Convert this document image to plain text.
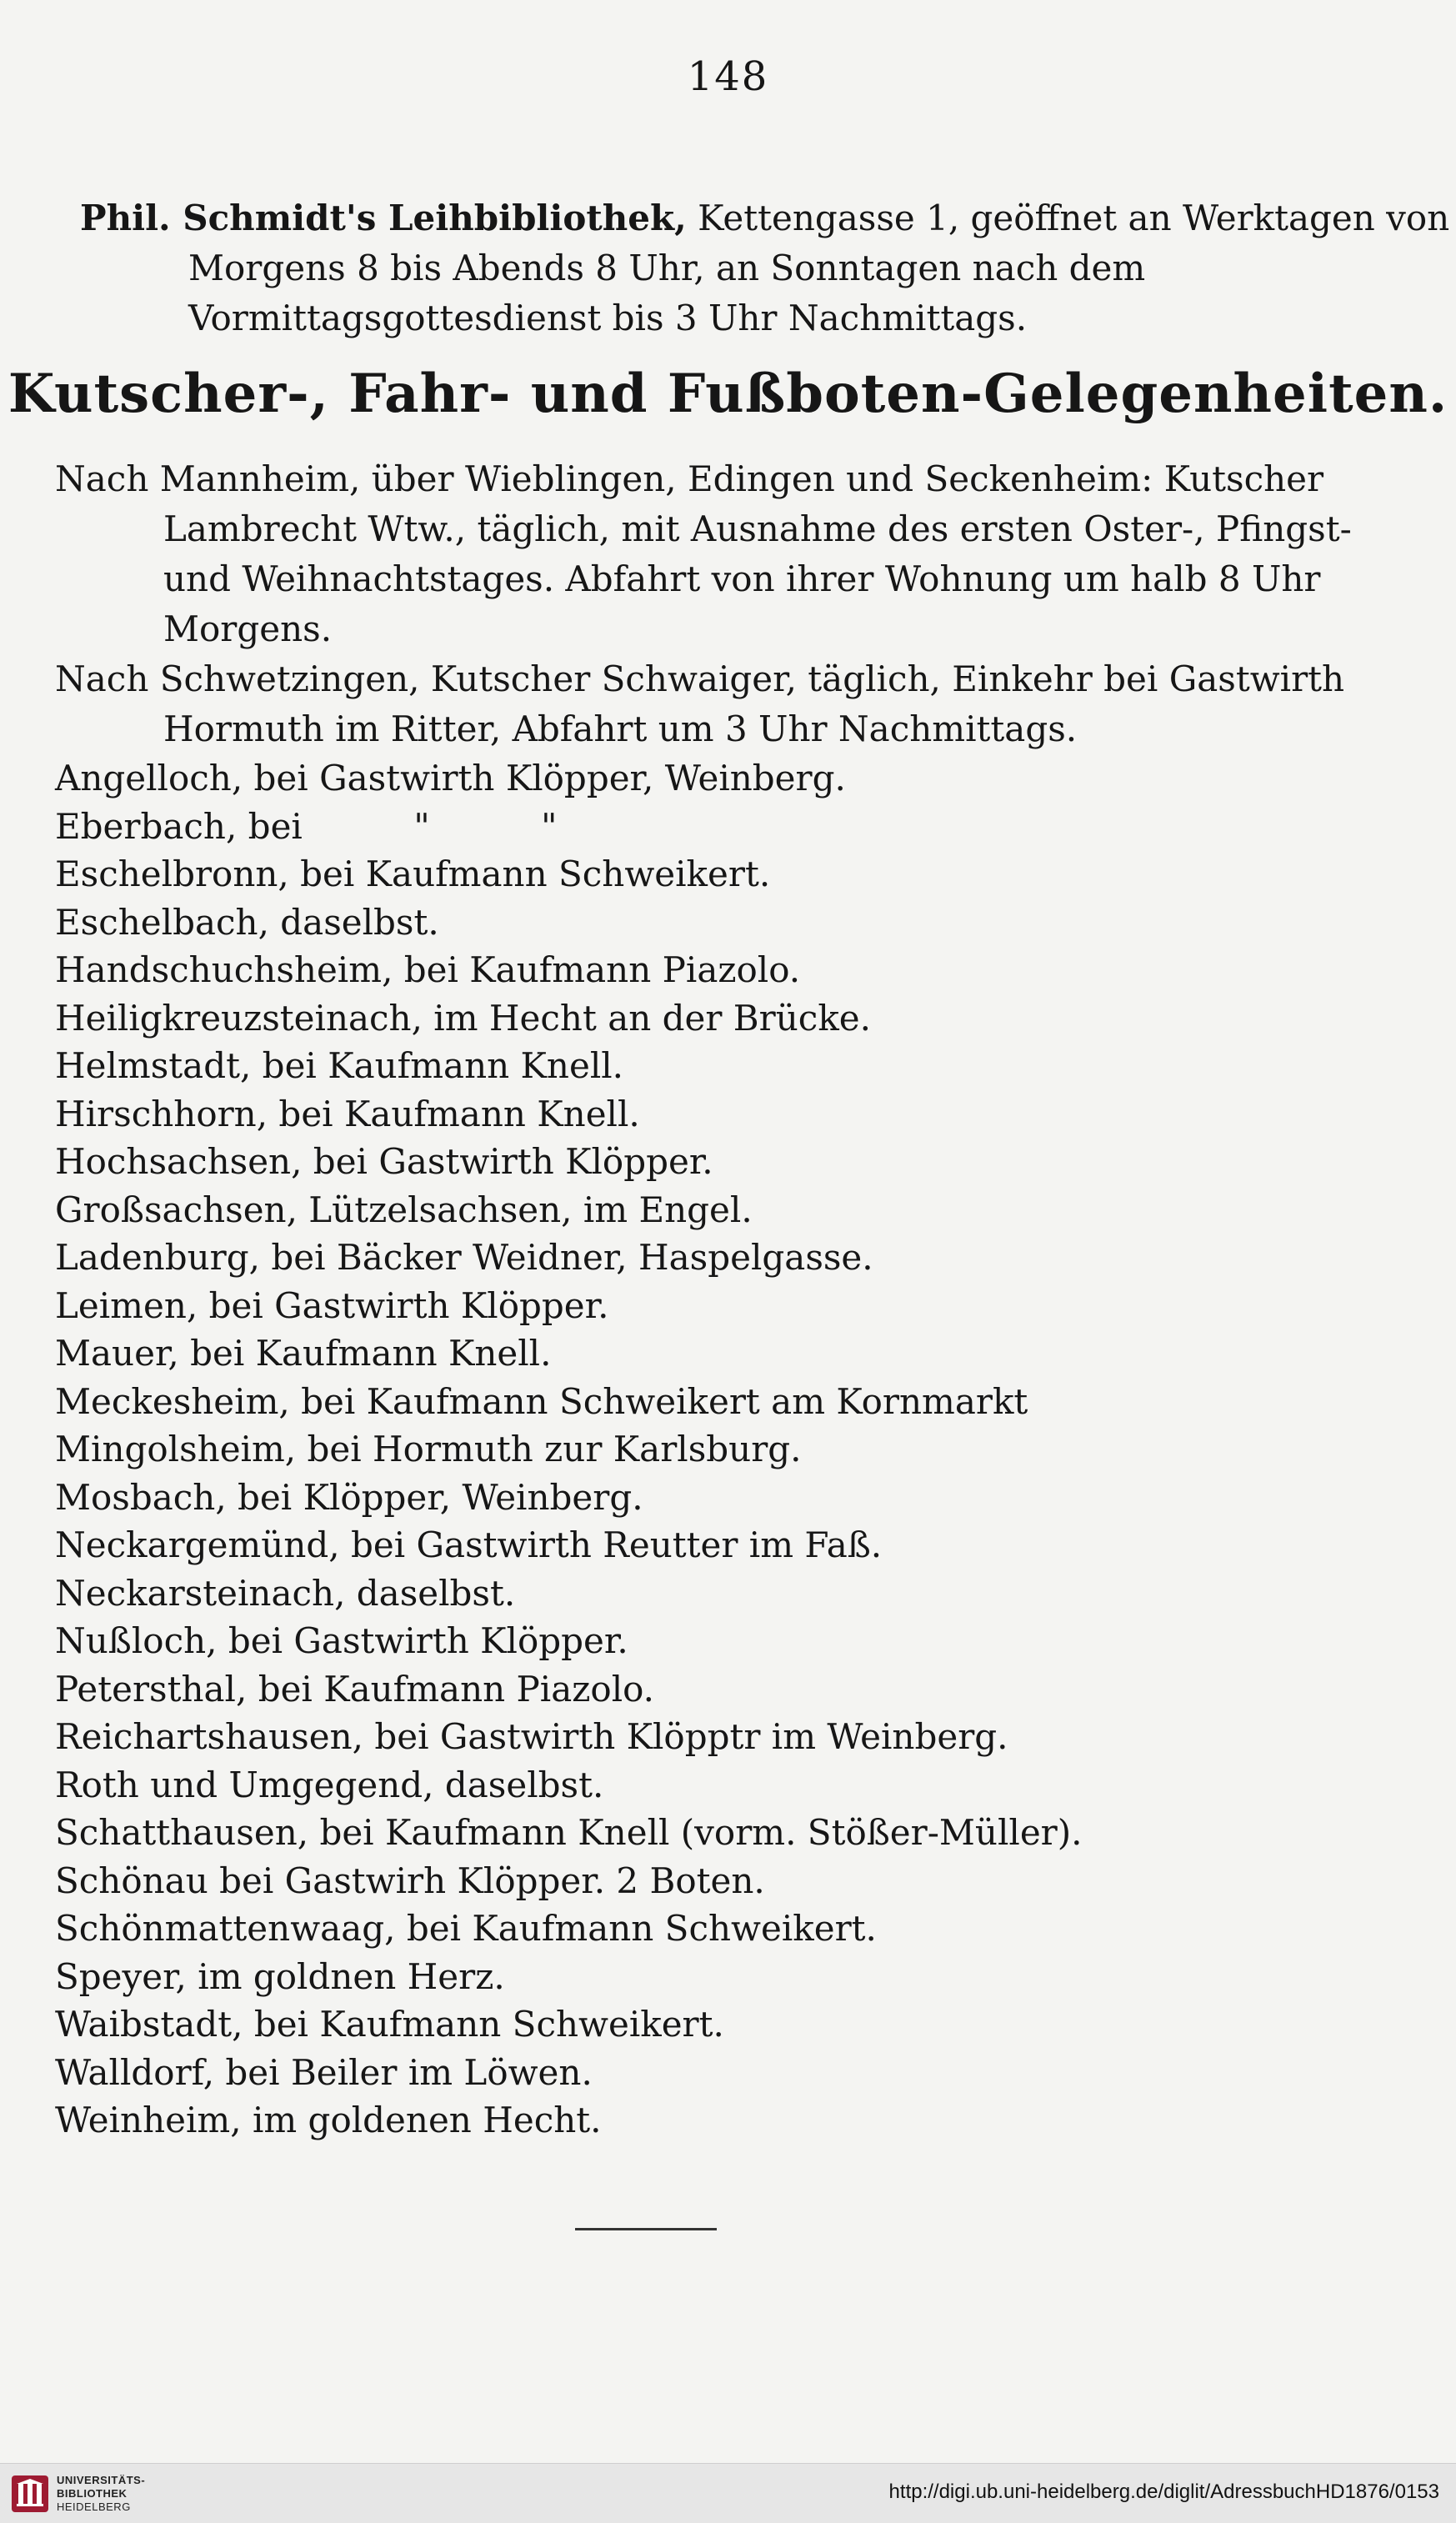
148

Phil. Schmidt's Leihbibliothek, Kettengasse 1, geöffnet an Werktagen von Morgens 8 bis Abends 8 Uhr, an Sonntagen nach dem Vormittagsgottesdienst bis 3 Uhr Nachmittags.

Kutscher-, Fahr- und Fußboten-Gelegenheiten.
Nach Mannheim, über Wieblingen, Edingen und Seckenheim: Kutscher Lambrecht Wtw., täglich, mit Ausnahme des ersten Oster-, Pfingst- und Weihnachtstages. Abfahrt von ihrer Wohnung um halb 8 Uhr Morgens.
Nach Schwetzingen, Kutscher Schwaiger, täglich, Einkehr bei Gastwirth Hormuth im Ritter, Abfahrt um 3 Uhr Nachmittags.
Angelloch, bei Gastwirth Klöpper, Weinberg.
Eberbach, bei          "          "
Eschelbronn, bei Kaufmann Schweikert.
Eschelbach, daselbst.
Handschuchsheim, bei Kaufmann Piazolo.
Heiligkreuzsteinach, im Hecht an der Brücke.
Helmstadt, bei Kaufmann Knell.
Hirschhorn, bei Kaufmann Knell.
Hochsachsen, bei Gastwirth Klöpper.
Großsachsen, Lützelsachsen, im Engel.
Ladenburg, bei Bäcker Weidner, Haspelgasse.
Leimen, bei Gastwirth Klöpper.
Mauer, bei Kaufmann Knell.
Meckesheim, bei Kaufmann Schweikert am Kornmarkt
Mingolsheim, bei Hormuth zur Karlsburg.
Mosbach, bei Klöpper, Weinberg.
Neckargemünd, bei Gastwirth Reutter im Faß.
Neckarsteinach, daselbst.
Nußloch, bei Gastwirth Klöpper.
Petersthal, bei Kaufmann Piazolo.
Reichartshausen, bei Gastwirth Klöpptr im Weinberg.
Roth und Umgegend, daselbst.
Schatthausen, bei Kaufmann Knell (vorm. Stößer-Müller).
Schönau bei Gastwirh Klöpper. 2 Boten.
Schönmattenwaag, bei Kaufmann Schweikert.
Speyer, im goldnen Herz.
Waibstadt, bei Kaufmann Schweikert.
Walldorf, bei Beiler im Löwen.
Weinheim, im goldenen Hecht.
UNIVERSITÄTS-
BIBLIOTHEK
HEIDELBERG
http://digi.ub.uni-heidelberg.de/diglit/AdressbuchHD1876/0153
